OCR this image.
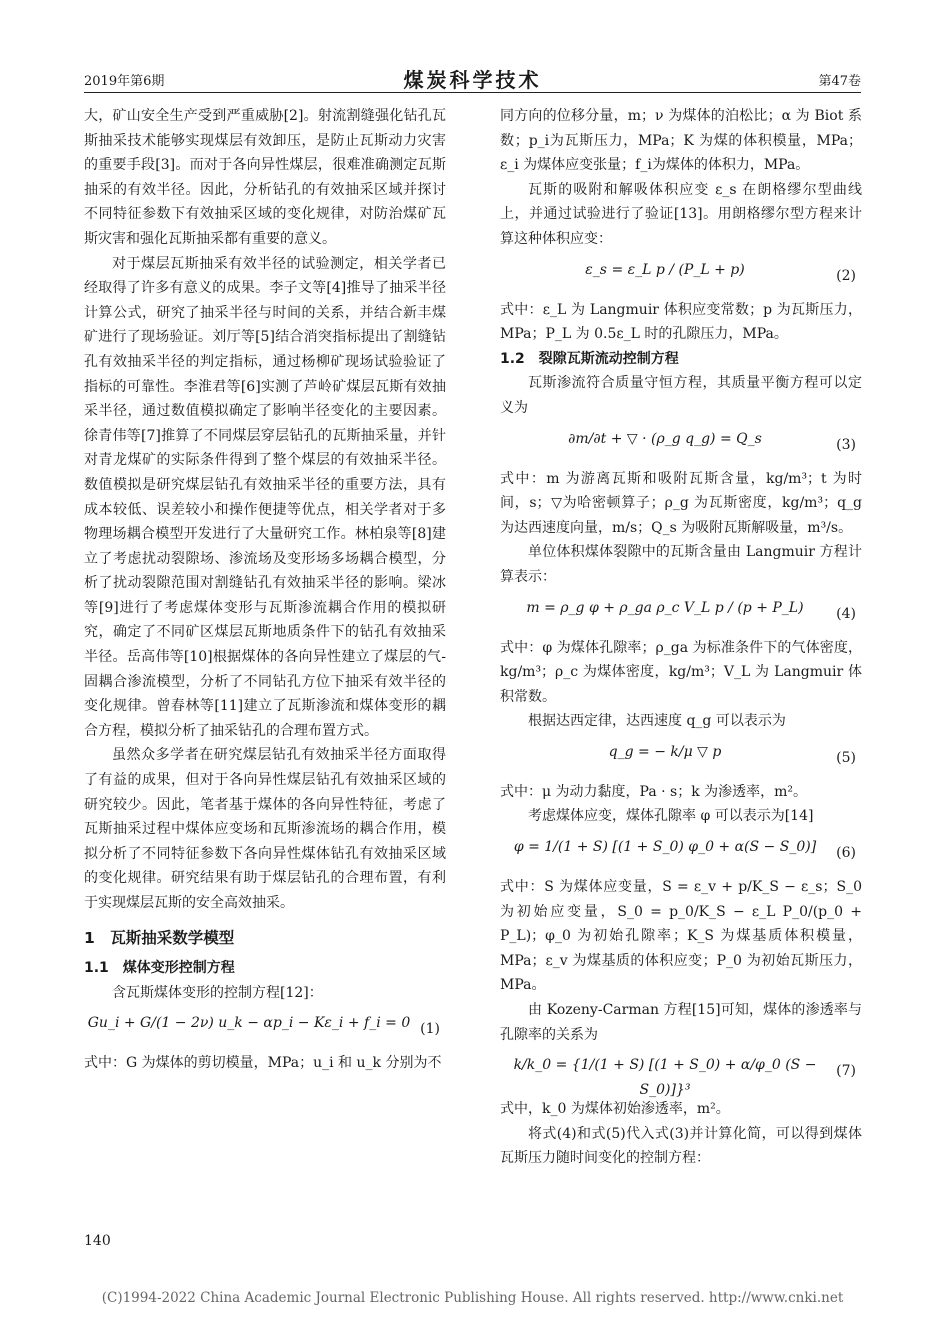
2019年第6期	煤炭科学技术	第47卷

大，矿山安全生产受到严重威胁[2]。射流割缝强化钻孔瓦斯抽采技术能够实现煤层有效卸压，是防止瓦斯动力灾害的重要手段[3]。而对于各向异性煤层，很难准确测定瓦斯抽采的有效半径。因此，分析钻孔的有效抽采区域并探讨不同特征参数下有效抽采区域的变化规律，对防治煤矿瓦斯灾害和强化瓦斯抽采都有重要的意义。

对于煤层瓦斯抽采有效半径的试验测定，相关学者已经取得了许多有意义的成果。李子文等[4]推导了抽采半径计算公式，研究了抽采半径与时间的关系，并结合新丰煤矿进行了现场验证。刘厅等[5]结合消突指标提出了割缝钻孔有效抽采半径的判定指标，通过杨柳矿现场试验验证了指标的可靠性。李淮君等[6]实测了芦岭矿煤层瓦斯有效抽采半径，通过数值模拟确定了影响半径变化的主要因素。徐青伟等[7]推算了不同煤层穿层钻孔的瓦斯抽采量，并针对青龙煤矿的实际条件得到了整个煤层的有效抽采半径。数值模拟是研究煤层钻孔有效抽采半径的重要方法，具有成本较低、误差较小和操作便捷等优点，相关学者对于多物理场耦合模型开发进行了大量研究工作。林柏泉等[8]建立了考虑扰动裂隙场、渗流场及变形场多场耦合模型，分析了扰动裂隙范围对割缝钻孔有效抽采半径的影响。梁冰等[9]进行了考虑煤体变形与瓦斯渗流耦合作用的模拟研究，确定了不同矿区煤层瓦斯地质条件下的钻孔有效抽采半径。岳高伟等[10]根据煤体的各向异性建立了煤层的气-固耦合渗流模型，分析了不同钻孔方位下抽采有效半径的变化规律。曾春林等[11]建立了瓦斯渗流和煤体变形的耦合方程，模拟分析了抽采钻孔的合理布置方式。

虽然众多学者在研究煤层钻孔有效抽采半径方面取得了有益的成果，但对于各向异性煤层钻孔有效抽采区域的研究较少。因此，笔者基于煤体的各向异性特征，考虑了瓦斯抽采过程中煤体应变场和瓦斯渗流场的耦合作用，模拟分析了不同特征参数下各向异性煤体钻孔有效抽采区域的变化规律。研究结果有助于煤层钻孔的合理布置，有利于实现煤层瓦斯的安全高效抽采。

1　瓦斯抽采数学模型
1.1　煤体变形控制方程

含瓦斯煤体变形的控制方程[12]：

Gu_i + G/(1 − 2ν) u_k − αp_i − Kε_i + f_i = 0 (1)

式中：G 为煤体的剪切模量，MPa；u_i 和 u_k 分别为不

同方向的位移分量，m；ν 为煤体的泊松比；α 为 Biot 系数；p_i为瓦斯压力，MPa；K 为煤的体积模量，MPa；ε_i 为煤体应变张量；f_i为煤体的体积力，MPa。

瓦斯的吸附和解吸体积应变 ε_s 在朗格缪尔型曲线上，并通过试验进行了验证[13]。用朗格缪尔型方程来计算这种体积应变：

ε_s = ε_L p / (P_L + p)	(2)

式中：ε_L 为 Langmuir 体积应变常数；p 为瓦斯压力，MPa；P_L 为 0.5ε_L 时的孔隙压力，MPa。

1.2　裂隙瓦斯流动控制方程

瓦斯渗流符合质量守恒方程，其质量平衡方程可以定义为

∂m/∂t + ▽ · (ρ_g q_g) = Q_s	(3)

式中：m 为游离瓦斯和吸附瓦斯含量，kg/m³；t 为时间，s；▽为哈密顿算子；ρ_g 为瓦斯密度，kg/m³；q_g 为达西速度向量，m/s；Q_s 为吸附瓦斯解吸量，m³/s。

单位体积煤体裂隙中的瓦斯含量由 Langmuir 方程计算表示：

m = ρ_g φ + ρ_ga ρ_c V_L p / (p + P_L)	(4)

式中：φ 为煤体孔隙率；ρ_ga 为标准条件下的气体密度，kg/m³；ρ_c 为煤体密度，kg/m³；V_L 为 Langmuir 体积常数。

根据达西定律，达西速度 q_g 可以表示为

q_g = − k/μ ▽ p	(5)

式中：μ 为动力黏度，Pa · s；k 为渗透率，m²。

考虑煤体应变，煤体孔隙率 φ 可以表示为[14]

φ = 1/(1 + S) [(1 + S_0) φ_0 + α(S − S_0)]	(6)

式中：S 为煤体应变量，S = ε_v + p/K_S − ε_s；S_0 为初始应变量，S_0 = p_0/K_S − ε_L P_0/(p_0 + P_L)；φ_0 为初始孔隙率；K_S 为煤基质体积模量，MPa；ε_v 为煤基质的体积应变；P_0 为初始瓦斯压力，MPa。

由 Kozeny-Carman 方程[15]可知，煤体的渗透率与孔隙率的关系为

k/k_0 = {1/(1 + S) [(1 + S_0) + α/φ_0 (S − S_0)]}³
(7)

式中，k_0 为煤体初始渗透率，m²。

将式(4)和式(5)代入式(3)并计算化简，可以得到煤体瓦斯压力随时间变化的控制方程：

140
(C)1994-2022 China Academic Journal Electronic Publishing House. All rights reserved. http://www.cnki.net
